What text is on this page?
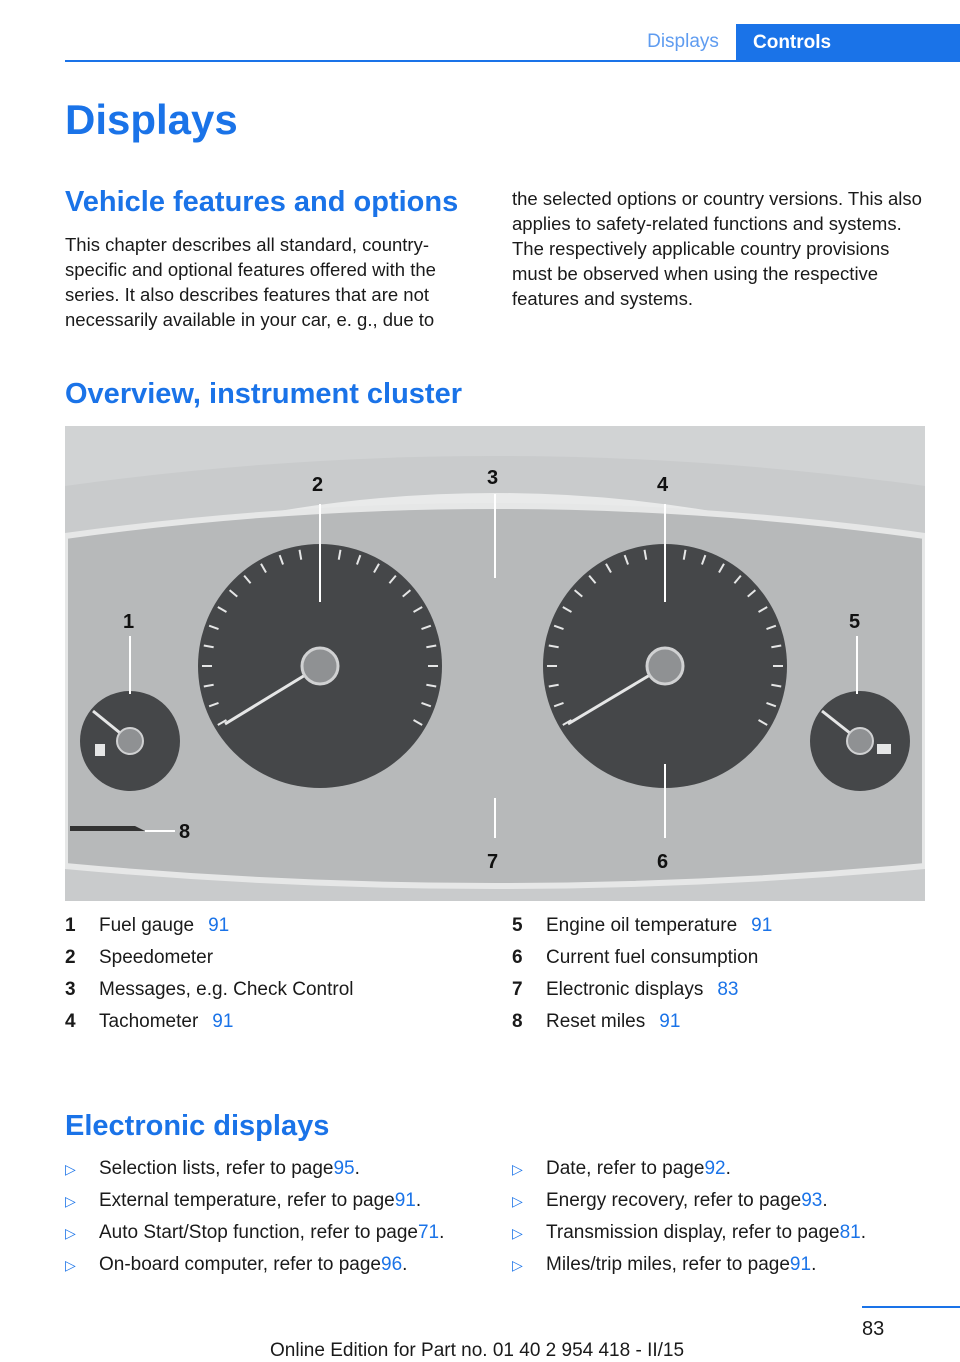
Displays	Controls
Displays
Vehicle features and options

This chapter describes all standard, country-specific and optional features offered with the series. It also describes features that are not necessarily available in your car, e. g., due to

the selected options or country versions. This also applies to safety-related functions and systems. The respectively applicable country provisions must be observed when using the respective features and systems.

Overview, instrument cluster
1
2	3	4
5
6
7
8
1	Fuel gauge 91
2	Speedometer
3	Messages, e.g. Check Control
4	Tachometer 91
5	Engine oil temperature 91
6	Current fuel consumption
7	Electronic displays 83
8	Reset miles 91
Electronic displays
▷	Selection lists, refer to page 95 .
▷	External temperature, refer to page 91 .
▷	Auto Start/Stop function, refer to page 71 .
▷	On-board computer, refer to page 96 .
▷	Date, refer to page 92 .
▷	Energy recovery, refer to page 93 .
▷	Transmission display, refer to page 81 .
▷	Miles/trip miles, refer to page 91 .
83
Online Edition for Part no. 01 40 2 954 418 - II/15
